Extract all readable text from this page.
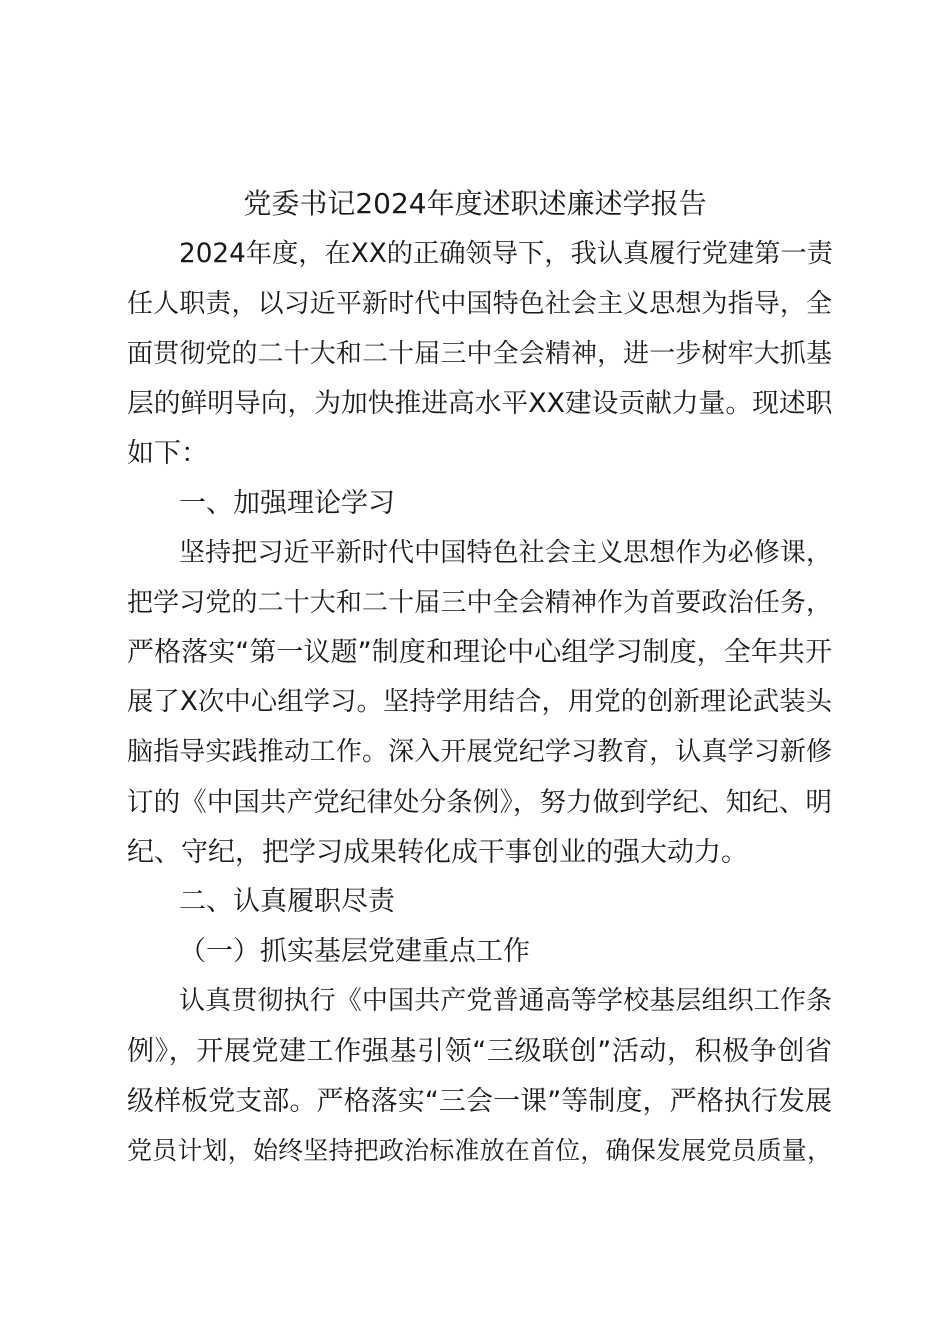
党委书记2024年度述职述廉述学报告
2024年度，在XX的正确领导下，我认真履行党建第一责
任人职责，以习近平新时代中国特色社会主义思想为指导，全
面贯彻党的二十大和二十届三中全会精神，进一步树牢大抓基
层的鲜明导向，为加快推进高水平XX建设贡献力量。现述职
如下：
一、加强理论学习
坚持把习近平新时代中国特色社会主义思想作为必修课，
把学习党的二十大和二十届三中全会精神作为首要政治任务，
严格落实“第一议题”制度和理论中心组学习制度，全年共开
展了X次中心组学习。坚持学用结合，用党的创新理论武装头
脑指导实践推动工作。深入开展党纪学习教育，认真学习新修
订的《中国共产党纪律处分条例》，努力做到学纪、知纪、明
纪、守纪，把学习成果转化成干事创业的强大动力。
二、认真履职尽责
（一）抓实基层党建重点工作
认真贯彻执行《中国共产党普通高等学校基层组织工作条
例》，开展党建工作强基引领“三级联创”活动，积极争创省
级样板党支部。严格落实“三会一课”等制度，严格执行发展
党员计划，始终坚持把政治标准放在首位，确保发展党员质量，
